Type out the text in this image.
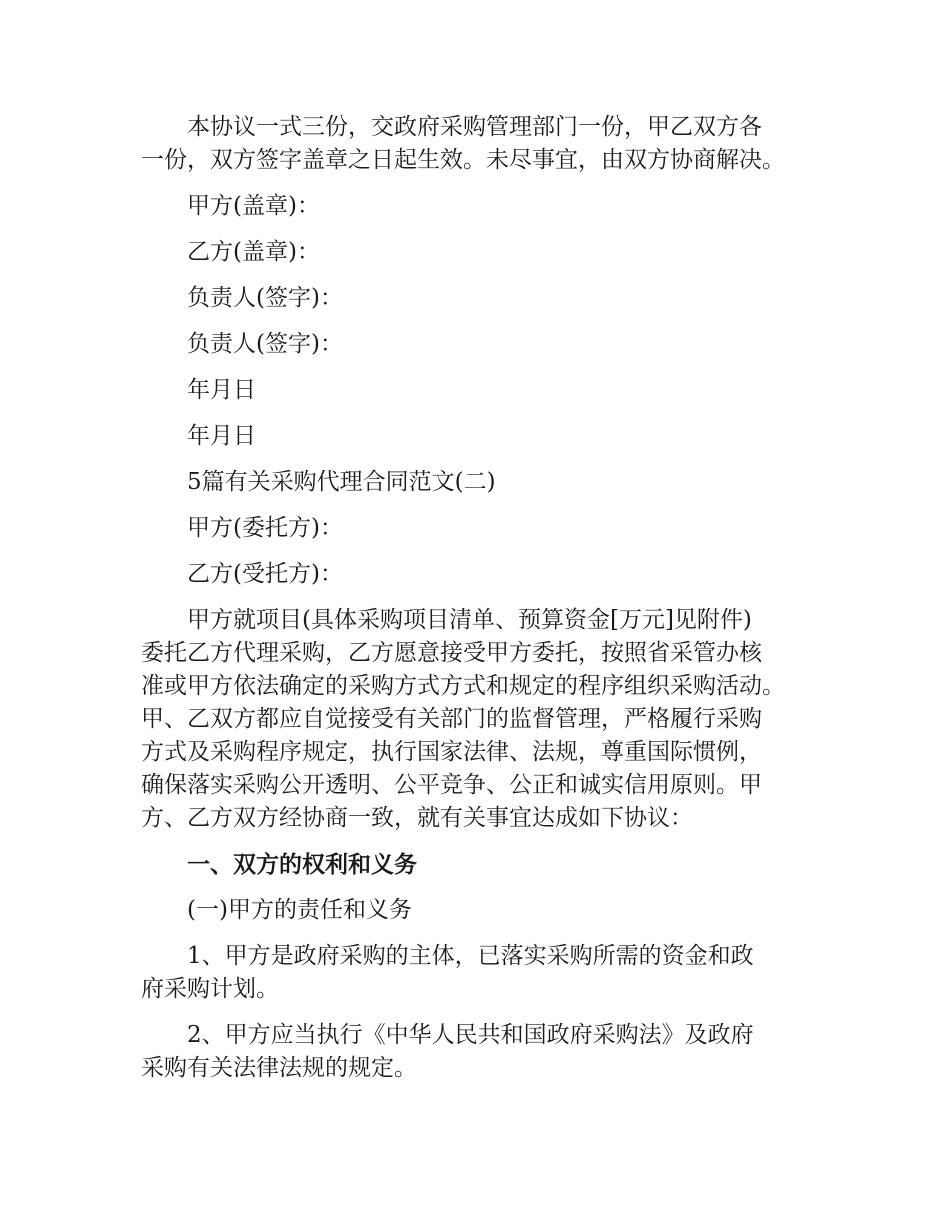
本协议一式三份，交政府采购管理部门一份，甲乙双方各
一份，双方签字盖章之日起生效。未尽事宜，由双方协商解决。

甲方(盖章)：

乙方(盖章)：

负责人(签字)：

负责人(签字)：

年月日

年月日

5篇有关采购代理合同范文(二)

甲方(委托方)：

乙方(受托方)：

甲方就项目(具体采购项目清单、预算资金[万元]见附件)
委托乙方代理采购，乙方愿意接受甲方委托，按照省采管办核
准或甲方依法确定的采购方式方式和规定的程序组织采购活动。
甲、乙双方都应自觉接受有关部门的监督管理，严格履行采购
方式及采购程序规定，执行国家法律、法规，尊重国际惯例，
确保落实采购公开透明、公平竞争、公正和诚实信用原则。甲
方、乙方双方经协商一致，就有关事宜达成如下协议：

一、双方的权利和义务

(一)甲方的责任和义务

1、甲方是政府采购的主体，已落实采购所需的资金和政
府采购计划。

2、甲方应当执行《中华人民共和国政府采购法》及政府
采购有关法律法规的规定。
